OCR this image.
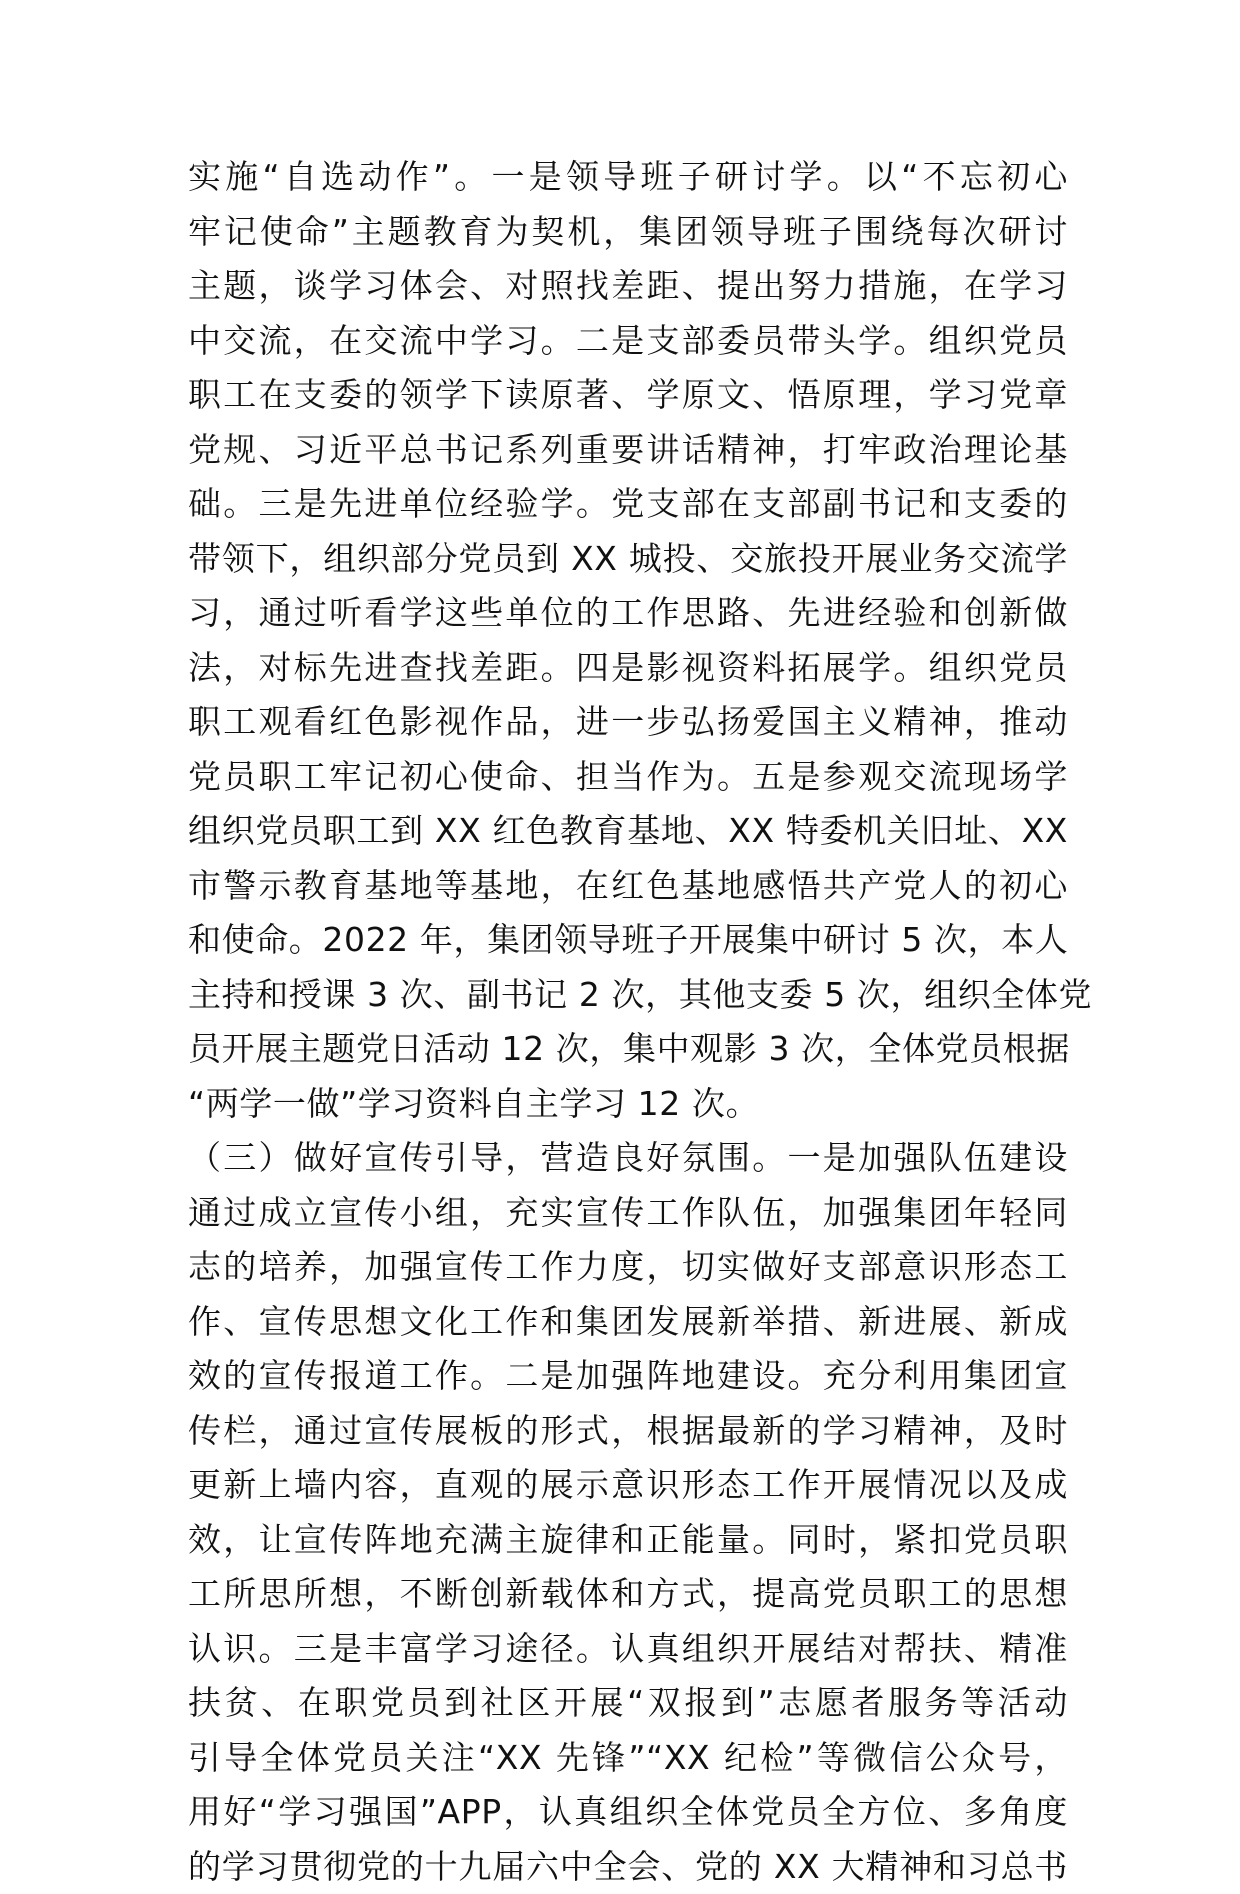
实施“自选动作”。一是领导班子研讨学。以“不忘初心
牢记使命”主题教育为契机，集团领导班子围绕每次研讨
主题，谈学习体会、对照找差距、提出努力措施，在学习
中交流，在交流中学习。二是支部委员带头学。组织党员
职工在支委的领学下读原著、学原文、悟原理，学习党章
党规、习近平总书记系列重要讲话精神，打牢政治理论基
础。三是先进单位经验学。党支部在支部副书记和支委的
带领下，组织部分党员到 XX 城投、交旅投开展业务交流学
习，通过听看学这些单位的工作思路、先进经验和创新做
法，对标先进查找差距。四是影视资料拓展学。组织党员
职工观看红色影视作品，进一步弘扬爱国主义精神，推动
党员职工牢记初心使命、担当作为。五是参观交流现场学
组织党员职工到 XX 红色教育基地、XX 特委机关旧址、XX
市警示教育基地等基地，在红色基地感悟共产党人的初心
和使命。2022 年，集团领导班子开展集中研讨 5 次，本人
主持和授课 3 次、副书记 2 次，其他支委 5 次，组织全体党
员开展主题党日活动 12 次，集中观影 3 次，全体党员根据
“两学一做”学习资料自主学习 12 次。
（三）做好宣传引导，营造良好氛围。一是加强队伍建设
通过成立宣传小组，充实宣传工作队伍，加强集团年轻同
志的培养，加强宣传工作力度，切实做好支部意识形态工
作、宣传思想文化工作和集团发展新举措、新进展、新成
效的宣传报道工作。二是加强阵地建设。充分利用集团宣
传栏，通过宣传展板的形式，根据最新的学习精神，及时
更新上墙内容，直观的展示意识形态工作开展情况以及成
效，让宣传阵地充满主旋律和正能量。同时，紧扣党员职
工所思所想，不断创新载体和方式，提高党员职工的思想
认识。三是丰富学习途径。认真组织开展结对帮扶、精准
扶贫、在职党员到社区开展“双报到”志愿者服务等活动
引导全体党员关注“XX 先锋”“XX 纪检”等微信公众号，
用好“学习强国”APP，认真组织全体党员全方位、多角度
的学习贯彻党的十九届六中全会、党的 XX 大精神和习总书
